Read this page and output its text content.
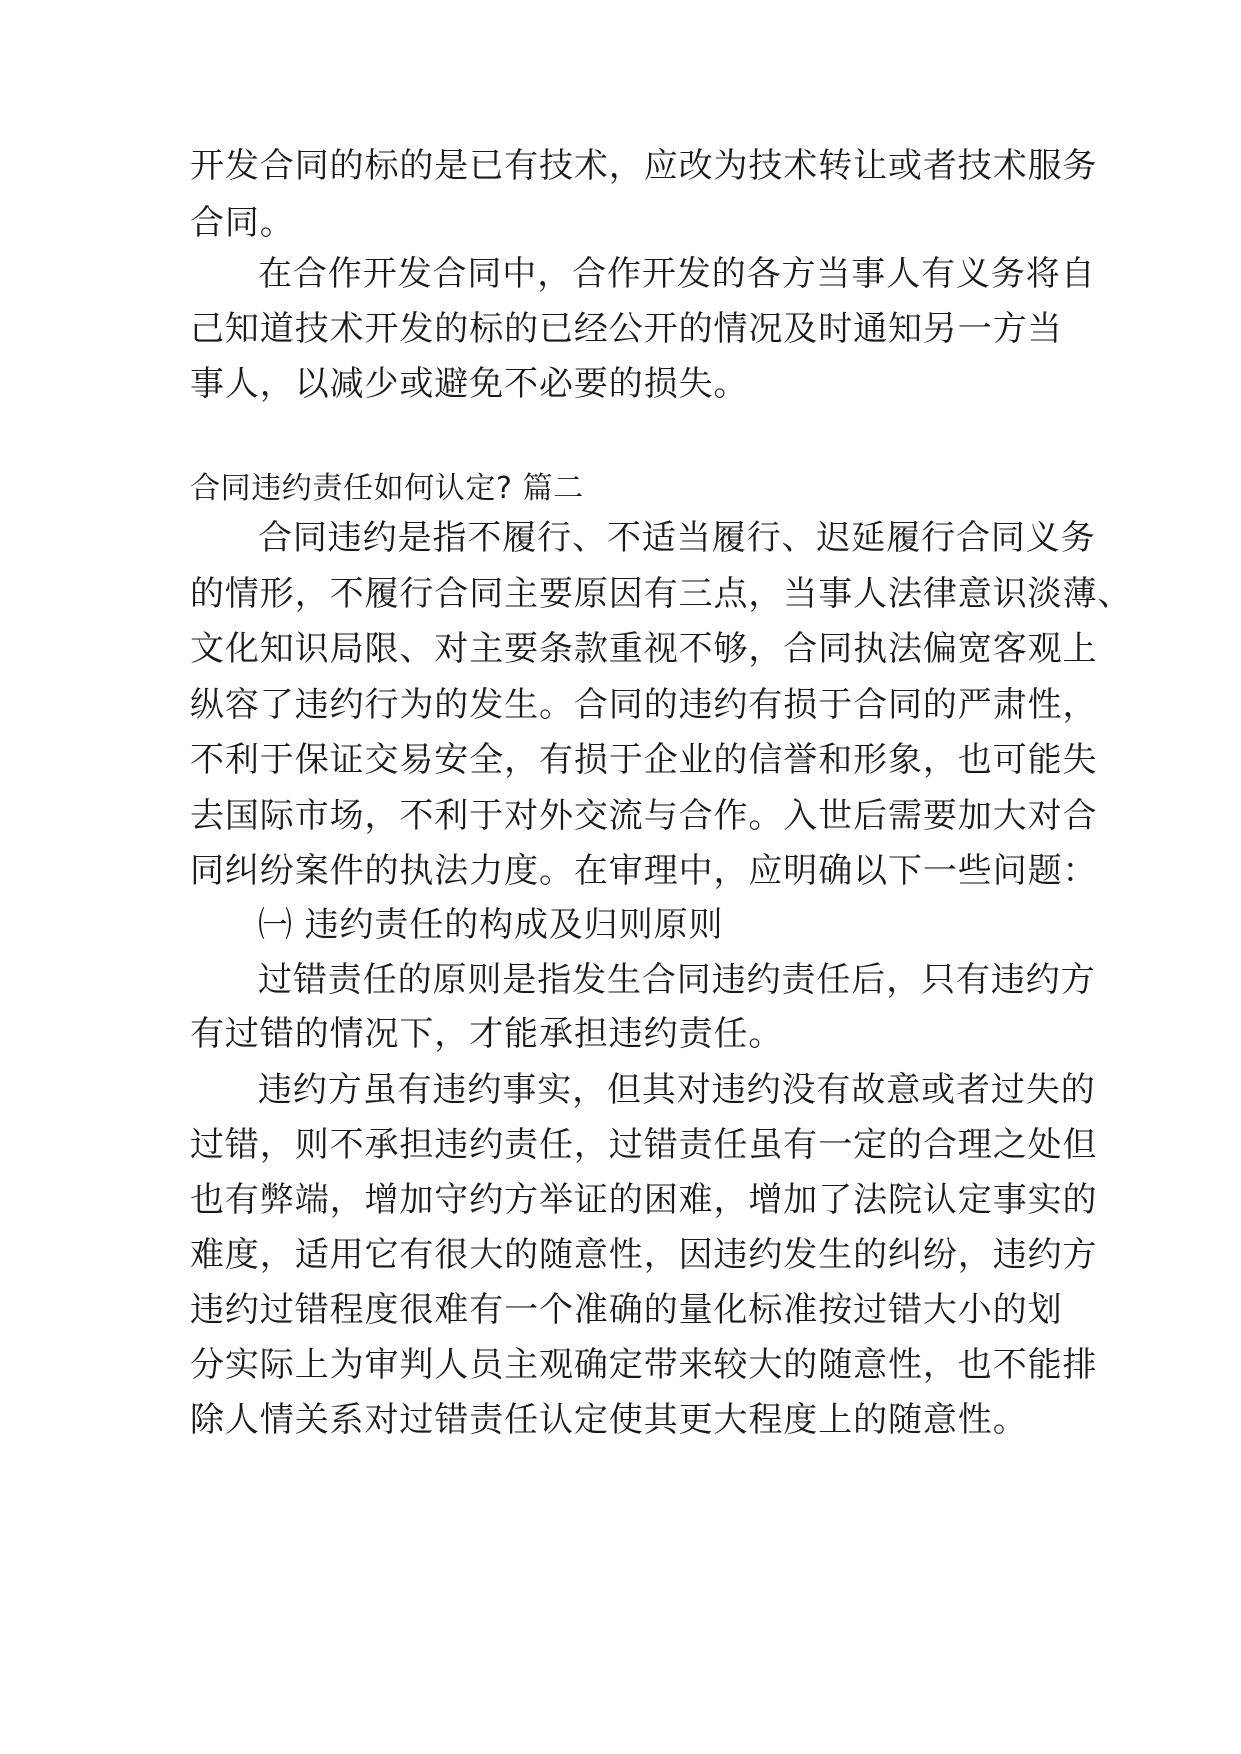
开发合同的标的是已有技术，应改为技术转让或者技术服务
合同。
在合作开发合同中，合作开发的各方当事人有义务将自
己知道技术开发的标的已经公开的情况及时通知另一方当
事人，以减少或避免不必要的损失。
合同违约责任如何认定? 篇二
合同违约是指不履行、不适当履行、迟延履行合同义务
的情形，不履行合同主要原因有三点，当事人法律意识淡薄、
文化知识局限、对主要条款重视不够，合同执法偏宽客观上
纵容了违约行为的发生。合同的违约有损于合同的严肃性，
不利于保证交易安全，有损于企业的信誉和形象，也可能失
去国际市场，不利于对外交流与合作。入世后需要加大对合
同纠纷案件的执法力度。在审理中，应明确以下一些问题：
㈠ 违约责任的构成及归则原则
过错责任的原则是指发生合同违约责任后，只有违约方
有过错的情况下，才能承担违约责任。
违约方虽有违约事实，但其对违约没有故意或者过失的
过错，则不承担违约责任，过错责任虽有一定的合理之处但
也有弊端，增加守约方举证的困难，增加了法院认定事实的
难度，适用它有很大的随意性，因违约发生的纠纷，违约方
违约过错程度很难有一个准确的量化标准按过错大小的划
分实际上为审判人员主观确定带来较大的随意性，也不能排
除人情关系对过错责任认定使其更大程度上的随意性。
